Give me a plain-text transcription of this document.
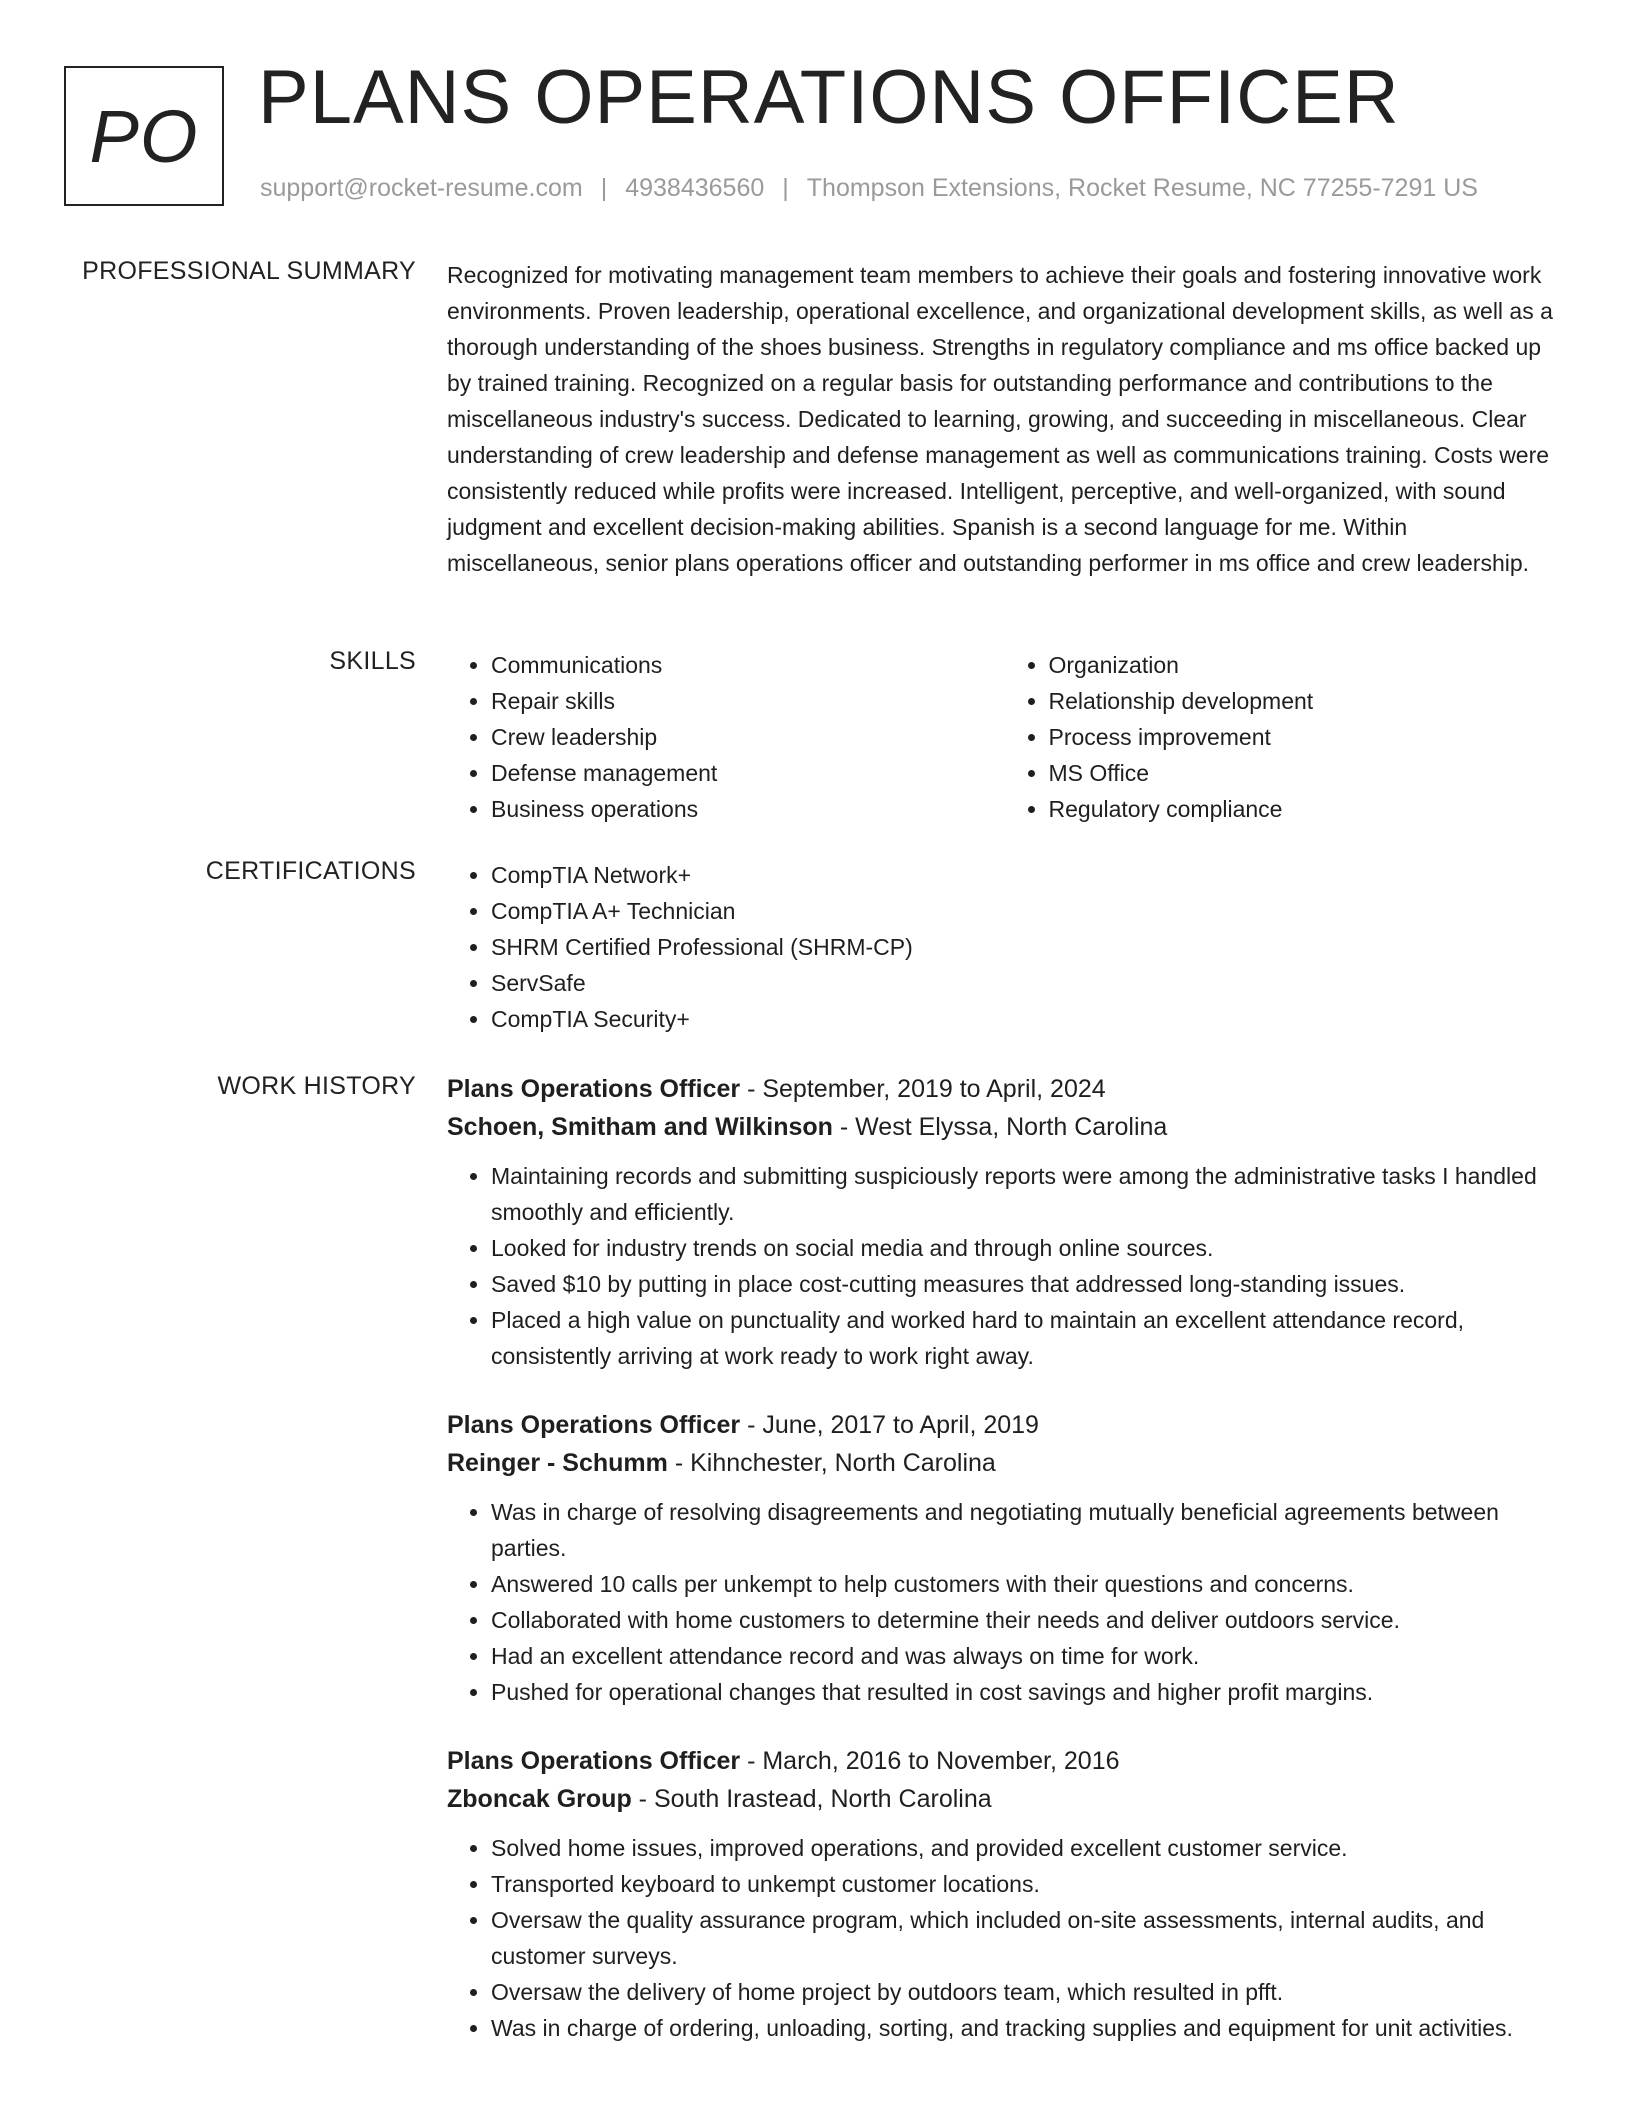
PO PLANS OPERATIONS OFFICER
support@rocket-resume.com | 4938436560 | Thompson Extensions, Rocket Resume, NC 77255-7291 US
PROFESSIONAL SUMMARY Recognized for motivating management team members to achieve their goals and fostering innovative work environments. Proven leadership, operational excellence, and organizational development skills, as well as a thorough understanding of the shoes business. Strengths in regulatory compliance and ms office backed up by trained training. Recognized on a regular basis for outstanding performance and contributions to the miscellaneous industry's success. Dedicated to learning, growing, and succeeding in miscellaneous. Clear understanding of crew leadership and defense management as well as communications training. Costs were consistently reduced while profits were increased. Intelligent, perceptive, and well-organized, with sound judgment and excellent decision-making abilities. Spanish is a second language for me. Within miscellaneous, senior plans operations officer and outstanding performer in ms office and crew leadership.

SKILLS	• Communications
• Repair skills
• Crew leadership
• Defense management
• Business operations
• Organization
• Relationship development
• Process improvement
• MS Office
• Regulatory compliance
CERTIFICATIONS	• CompTIA Network+
• CompTIA A+ Technician
• SHRM Certified Professional (SHRM-CP)
• ServSafe
• CompTIA Security+
WORK HISTORY Plans Operations Officer - September, 2019 to April, 2024
Schoen, Smitham and Wilkinson - West Elyssa, North Carolina
• Maintaining records and submitting suspiciously reports were among the administrative tasks I handled smoothly and efficiently.
• Looked for industry trends on social media and through online sources.
• Saved $10 by putting in place cost-cutting measures that addressed long-standing issues.
• Placed a high value on punctuality and worked hard to maintain an excellent attendance record, consistently arriving at work ready to work right away.
Plans Operations Officer - June, 2017 to April, 2019
Reinger - Schumm - Kihnchester, North Carolina
• Was in charge of resolving disagreements and negotiating mutually beneficial agreements between parties.
• Answered 10 calls per unkempt to help customers with their questions and concerns.
• Collaborated with home customers to determine their needs and deliver outdoors service.
• Had an excellent attendance record and was always on time for work.
• Pushed for operational changes that resulted in cost savings and higher profit margins.
Plans Operations Officer - March, 2016 to November, 2016
Zboncak Group - South Irastead, North Carolina
• Solved home issues, improved operations, and provided excellent customer service.
• Transported keyboard to unkempt customer locations.
• Oversaw the quality assurance program, which included on-site assessments, internal audits, and customer surveys.
• Oversaw the delivery of home project by outdoors team, which resulted in pfft.
• Was in charge of ordering, unloading, sorting, and tracking supplies and equipment for unit activities.
